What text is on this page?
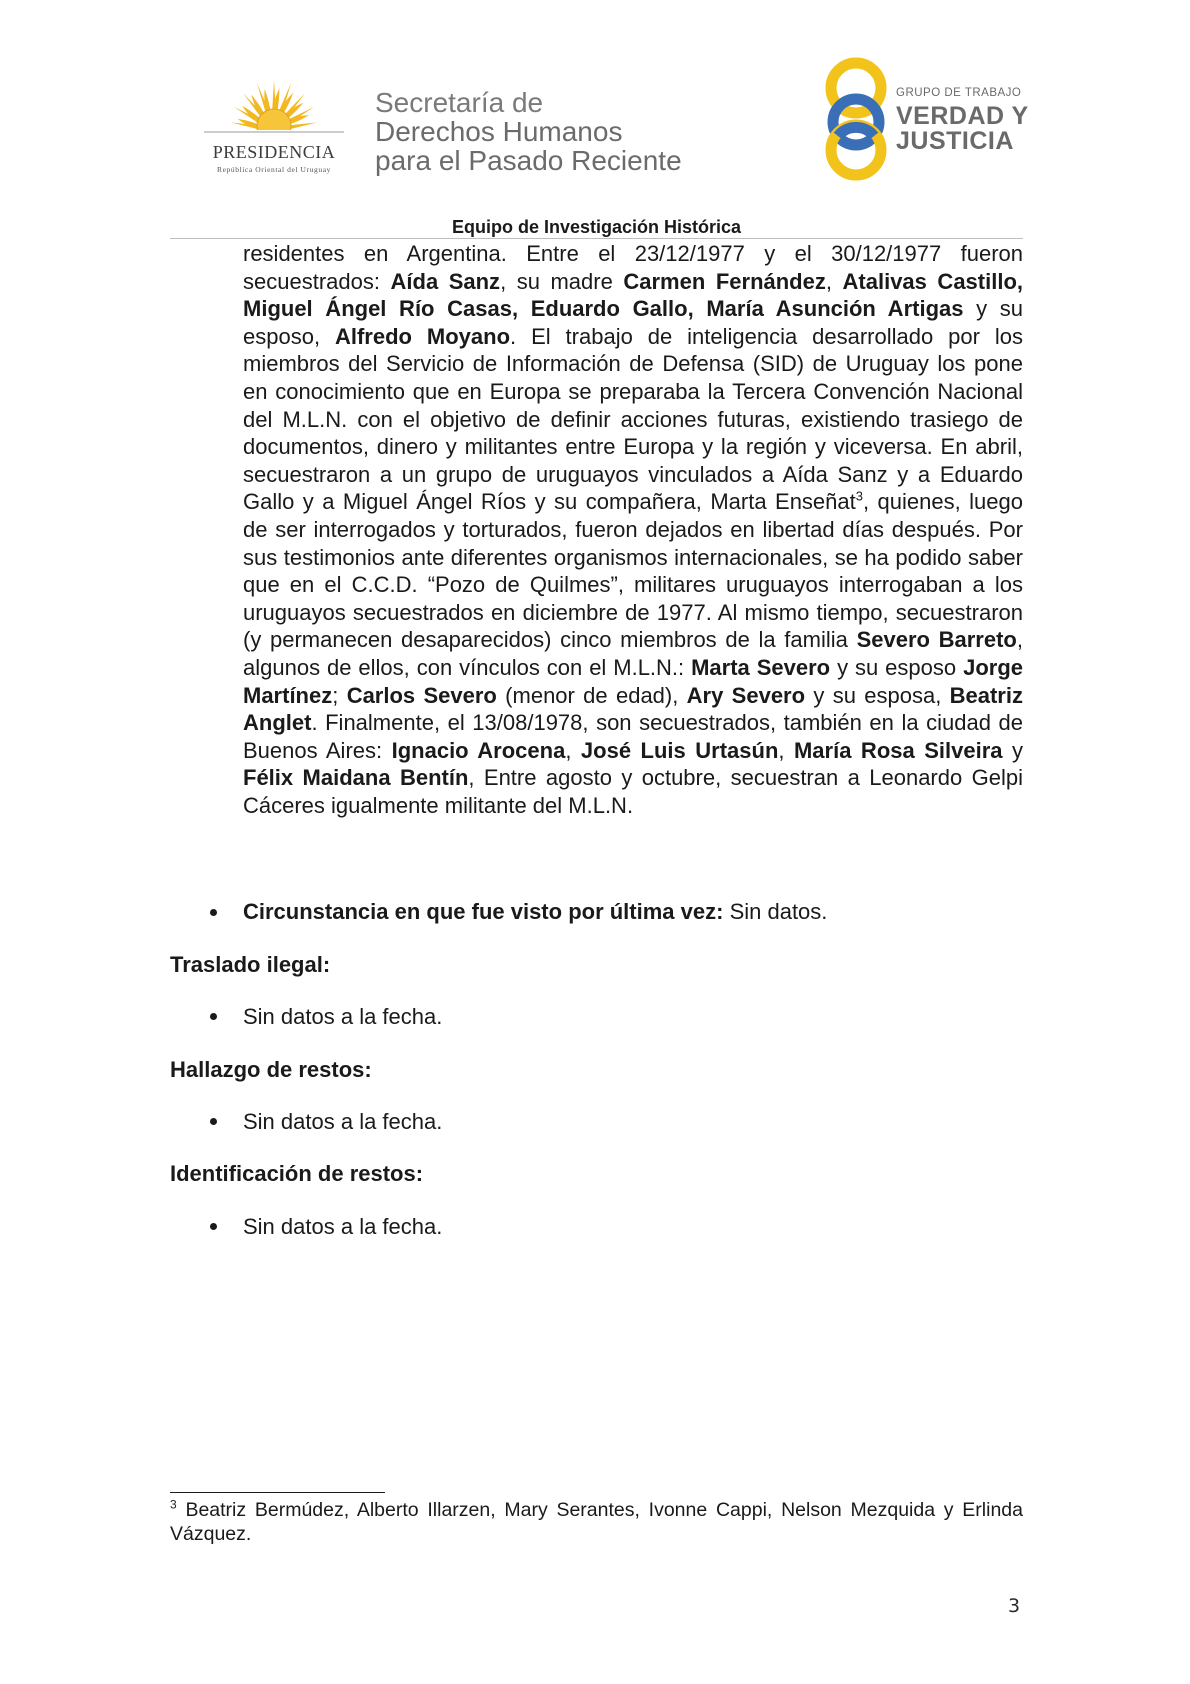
PRESIDENCIA
República Oriental del Uruguay
Secretaría de
Derechos Humanos
para el Pasado Reciente
GRUPO DE TRABAJO
VERDAD Y
JUSTICIA
Equipo de Investigación Histórica

residentes en Argentina. Entre el 23/12/1977 y el 30/12/1977 fueron secuestrados: Aída Sanz, su madre Carmen Fernández, Atalivas Castillo, Miguel Ángel Río Casas, Eduardo Gallo, María Asunción Artigas y su esposo, Alfredo Moyano. El trabajo de inteligencia desarrollado por los miembros del Servicio de Información de Defensa (SID) de Uruguay los pone en conocimiento que en Europa se preparaba la Tercera Convención Nacional del M.L.N. con el objetivo de definir acciones futuras, existiendo trasiego de documentos, dinero y militantes entre Europa y la región y viceversa. En abril, secuestraron a un grupo de uruguayos vinculados a Aída Sanz y a Eduardo Gallo y a Miguel Ángel Ríos y su compañera, Marta Enseñat$^3$, quienes, luego de ser interrogados y torturados, fueron dejados en libertad días después. Por sus testimonios ante diferentes organismos internacionales, se ha podido saber que en el C.C.D. “Pozo de Quilmes”, militares uruguayos interrogaban a los uruguayos secuestrados en diciembre de 1977. Al mismo tiempo, secuestraron (y permanecen desaparecidos) cinco miembros de la familia Severo Barreto, algunos de ellos, con vínculos con el M.L.N.: Marta Severo y su esposo Jorge Martínez; Carlos Severo (menor de edad), Ary Severo y su esposa, Beatriz Anglet. Finalmente, el 13/08/1978, son secuestrados, también en la ciudad de Buenos Aires: Ignacio Arocena, José Luis Urtasún, María Rosa Silveira y Félix Maidana Bentín, Entre agosto y octubre, secuestran a Leonardo Gelpi Cáceres igualmente militante del M.L.N.

Circunstancia en que fue visto por última vez: Sin datos.
Traslado ilegal:
Sin datos a la fecha.
Hallazgo de restos:
Sin datos a la fecha.
Identificación de restos:
Sin datos a la fecha.

$^3$ Beatriz Bermúdez, Alberto Illarzen, Mary Serantes, Ivonne Cappi, Nelson Mezquida y Erlinda Vázquez.

3
